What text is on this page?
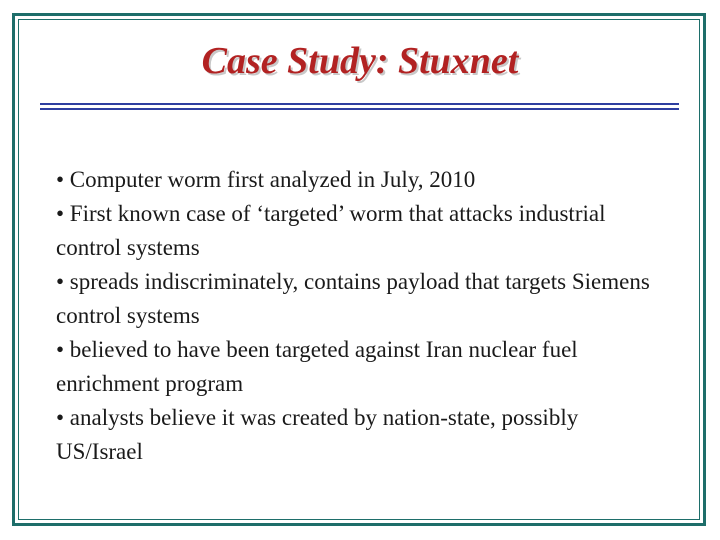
Case Study: Stuxnet
• Computer worm first analyzed in July, 2010
• First known case of ‘targeted’ worm that attacks industrial control systems
• spreads indiscriminately, contains payload that targets Siemens control systems
• believed to have been targeted against Iran nuclear fuel enrichment program
• analysts believe it was created by nation-state, possibly US/Israel
